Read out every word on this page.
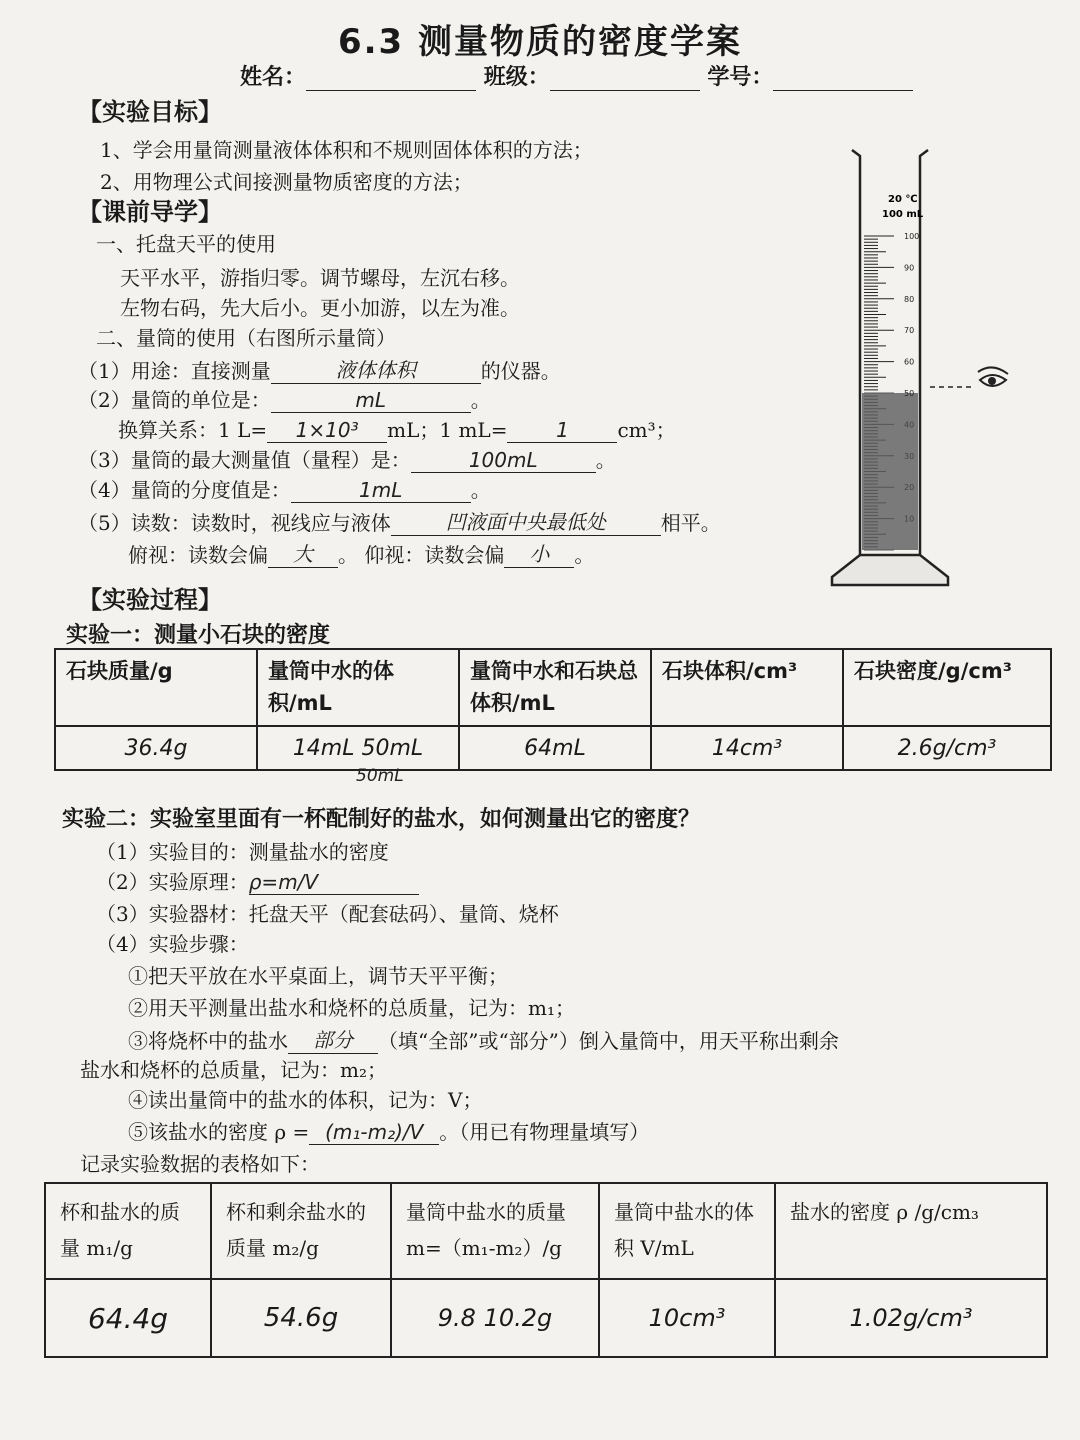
6.3 测量物质的密度学案
姓名：	班级：	学号：
【实验目标】
1、学会用量筒测量液体体积和不规则固体体积的方法；
2、用物理公式间接测量物质密度的方法；
【课前导学】
一、托盘天平的使用
天平水平，游指归零。调节螺母，左沉右移。
左物右码，先大后小。更小加游，以左为准。
二、量筒的使用（右图所示量筒）
（1）用途：直接测量	液体体积	的仪器。
（2）量筒的单位是：	mL	。
换算关系：1 L= 1×10³ mL；1 mL= 1 cm³；
（3）量筒的最大测量值（量程）是：	100mL	。
（4）量筒的分度值是：	1mL	。
（5）读数：读数时，视线应与液体	凹液面中央最低处	相平。
俯视：读数会偏 大 。 仰视：读数会偏 小 。
100
90
80
70
60
50
40
30
20
10
20 ℃
100 mL
【实验过程】
实验一：测量小石块的密度
石块质量/g	量筒中水的体积/mL	量筒中水和石块总体积/mL	石块体积/cm³	石块密度/g/cm³
36.4g	14mL 50mL	64mL	14cm³	2.6g/cm³
50mL
实验二：实验室里面有一杯配制好的盐水，如何测量出它的密度？
（1）实验目的：测量盐水的密度
（2）实验原理：ρ=m/V
（3）实验器材：托盘天平（配套砝码）、量筒、烧杯
（4）实验步骤：
①把天平放在水平桌面上，调节天平平衡；
②用天平测量出盐水和烧杯的总质量，记为：m₁；
③将烧杯中的盐水 部分 （填“全部”或“部分”）倒入量筒中，用天平称出剩余
盐水和烧杯的总质量，记为：m₂；
④读出量筒中的盐水的体积，记为：V；
⑤该盐水的密度 ρ = (m₁-m₂)/V 。（用已有物理量填写）
记录实验数据的表格如下：
杯和盐水的质量 m₁/g	杯和剩余盐水的质量 m₂/g	量筒中盐水的质量 m=（m₁-m₂）/g	量筒中盐水的体积 V/mL	盐水的密度 ρ /g/cm₃
64.4g	54.6g	9.8 10.2g	10cm³	1.02g/cm³
